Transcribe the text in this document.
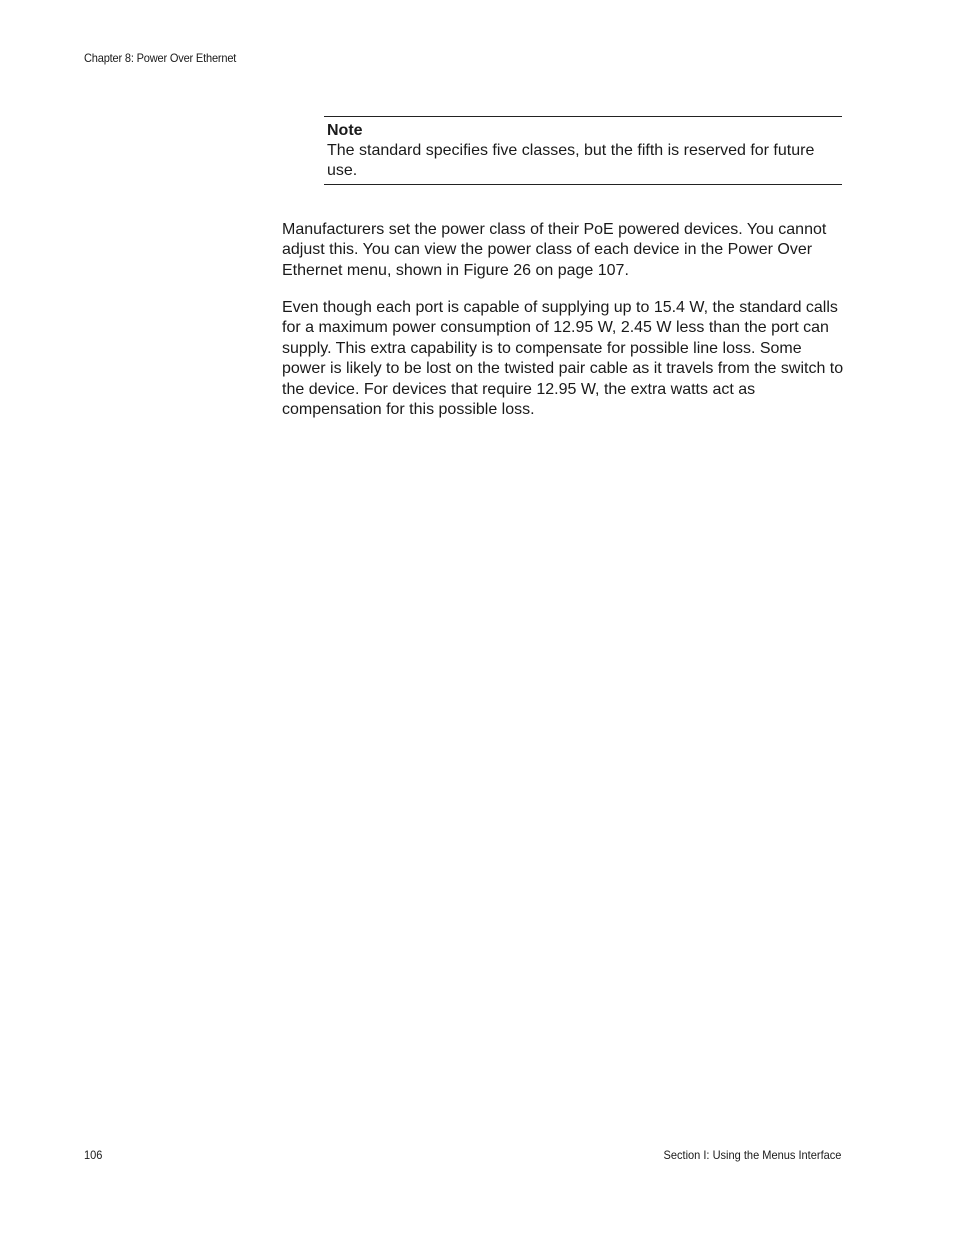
Chapter 8: Power Over Ethernet
Note
The standard specifies five classes, but the fifth is reserved for future use.

Manufacturers set the power class of their PoE powered devices. You cannot adjust this. You can view the power class of each device in the Power Over Ethernet menu, shown in Figure 26 on page 107.

Even though each port is capable of supplying up to 15.4 W, the standard calls for a maximum power consumption of 12.95 W, 2.45 W less than the port can supply. This extra capability is to compensate for possible line loss. Some power is likely to be lost on the twisted pair cable as it travels from the switch to the device. For devices that require 12.95 W, the extra watts act as compensation for this possible loss.

106	Section I: Using the Menus Interface
